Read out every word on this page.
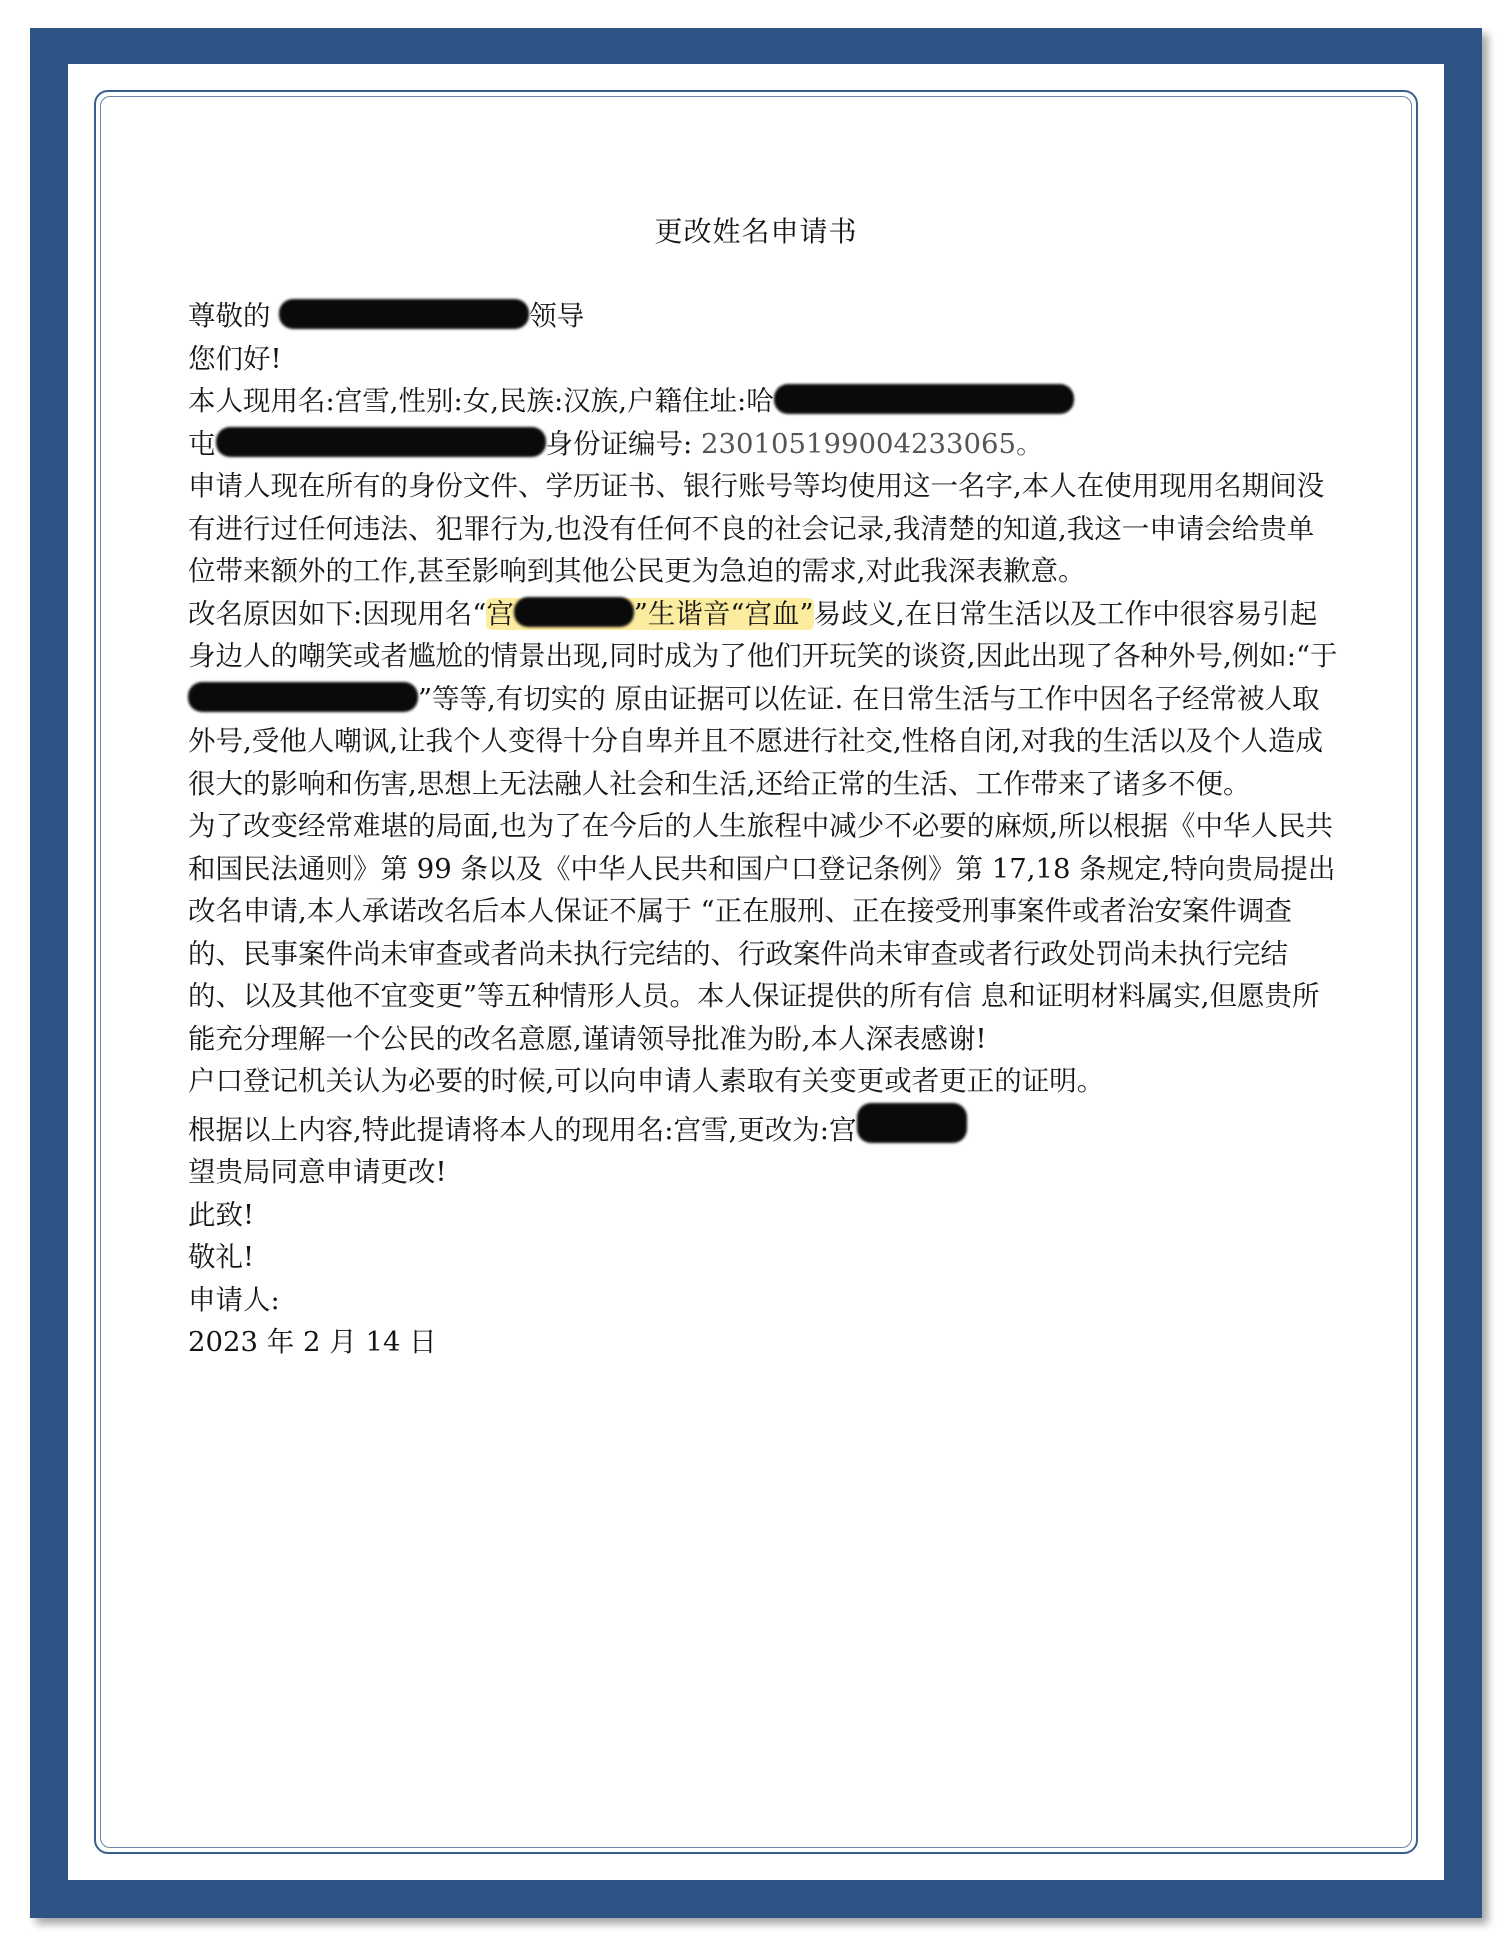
更改姓名申请书

尊敬的	领导

您们好!

本人现用名:宫雪,性别:女,民族:汉族,户籍住址:哈

屯	身份证编号: 230105199004233065。

申请人现在所有的身份文件、学历证书、银行账号等均使用这一名字,本人在使用现用名期间没有进行过任何违法、犯罪行为,也没有任何不良的社会记录,我清楚的知道,我这一申请会给贵单位带来额外的工作,甚至影响到其他公民更为急迫的需求,对此我深表歉意。

改名原因如下:因现用名“宫	”生谐音“宫血”易歧义,在日常生活以及工作中很容易引起身边人的嘲笑或者尴尬的情景出现,同时成为了他们开玩笑的谈资,因此出现了各种外号,例如:“于”等等,有切实的 原由证据可以佐证. 在日常生活与工作中因名子经常被人取外号,受他人嘲讽,让我个人变得十分自卑并且不愿进行社交,性格自闭,对我的生活以及个人造成很大的影响和伤害,思想上无法融人社会和生活,还给正常的生活、工作带来了诸多不便。

为了改变经常难堪的局面,也为了在今后的人生旅程中减少不必要的麻烦,所以根据《中华人民共和国民法通则》第 99 条以及《中华人民共和国户口登记条例》第 17,18 条规定,特向贵局提出改名申请,本人承诺改名后本人保证不属于 “正在服刑、正在接受刑事案件或者治安案件调查的、民事案件尚未审查或者尚未执行完结的、行政案件尚未审查或者行政处罚尚未执行完结的、以及其他不宜变更”等五种情形人员。本人保证提供的所有信 息和证明材料属实,但愿贵所能充分理解一个公民的改名意愿,谨请领导批准为盼,本人深表感谢!

户口登记机关认为必要的时候,可以向申请人素取有关变更或者更正的证明。

根据以上内容,特此提请将本人的现用名:宫雪,更改为:宫

望贵局同意申请更改!

此致!

敬礼!

申请人:

2023 年 2 月 14 日
